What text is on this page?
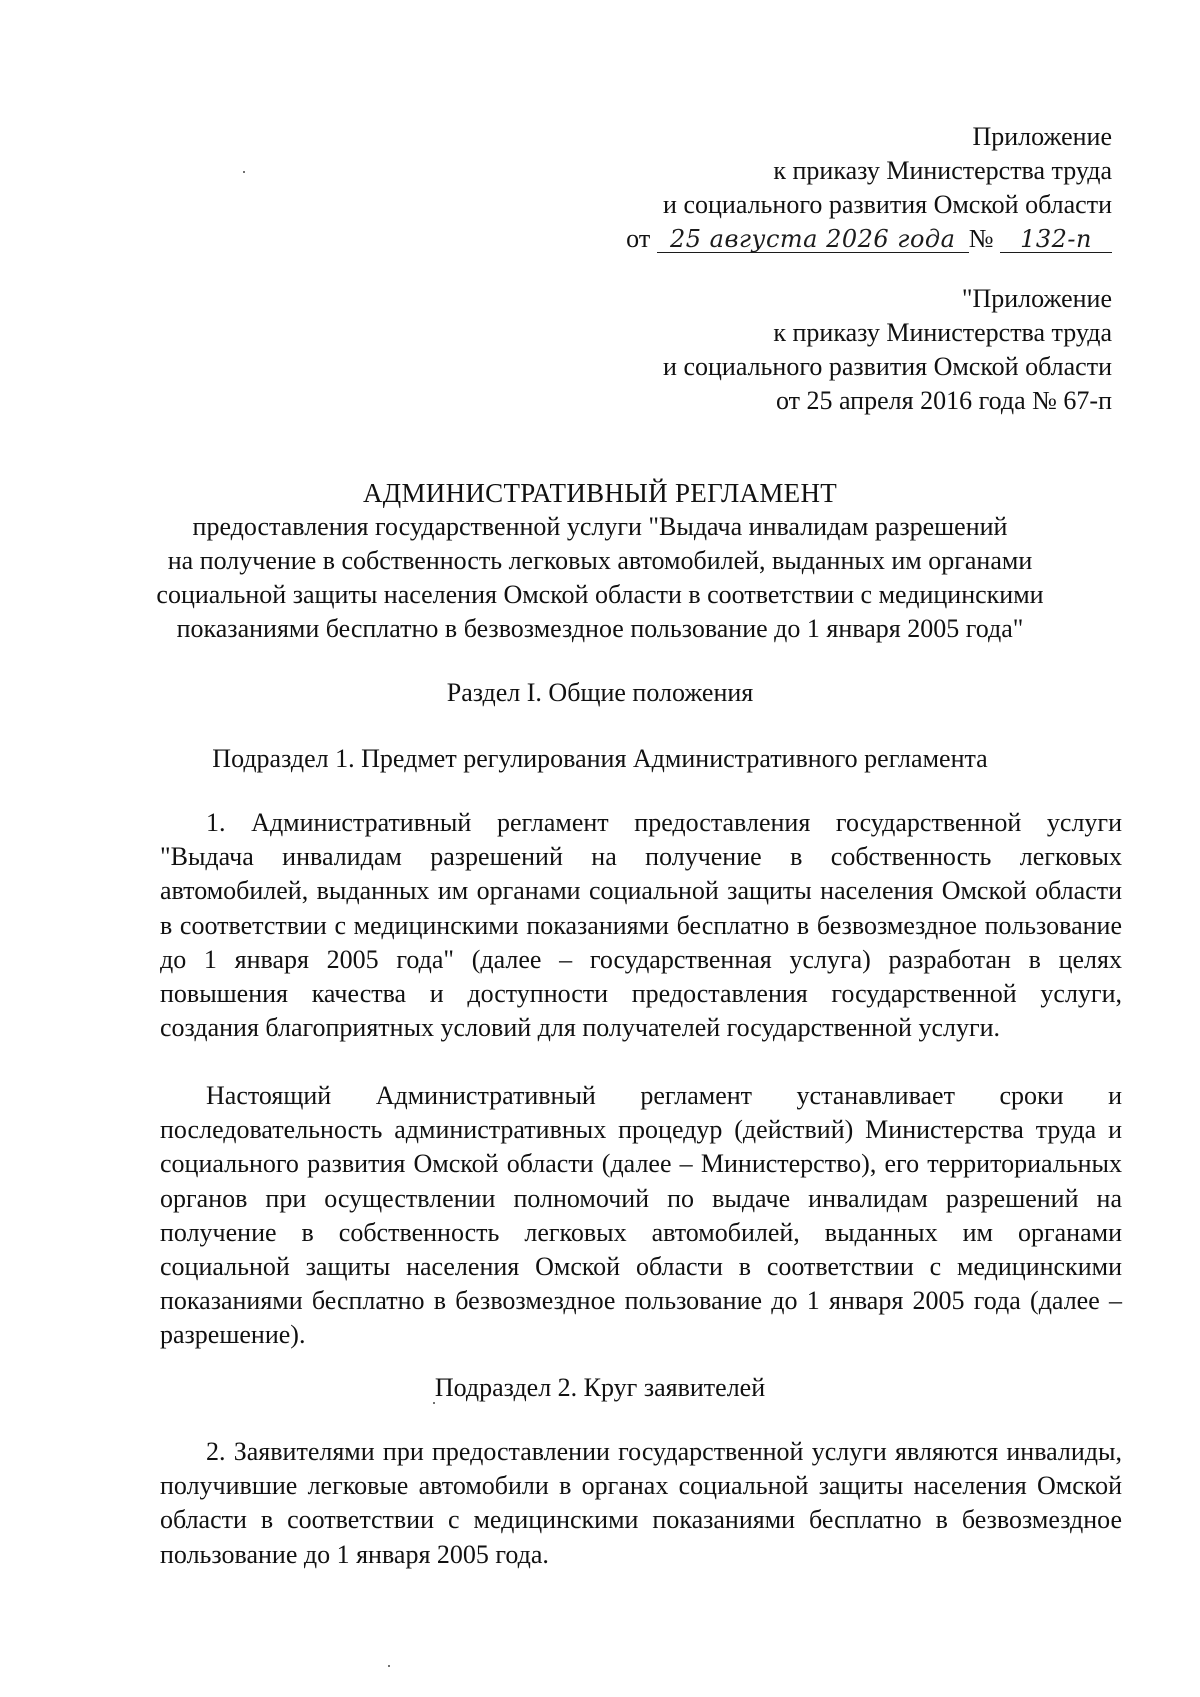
Приложение
к приказу Министерства труда
и социального развития Омской области
от 25 августа 2026 года № 132-п
"Приложение
к приказу Министерства труда
и социального развития Омской области
от 25 апреля 2016 года № 67-п
АДМИНИСТРАТИВНЫЙ РЕГЛАМЕНТ
предоставления государственной услуги "Выдача инвалидам разрешений
на получение в собственность легковых автомобилей, выданных им органами
социальной защиты населения Омской области в соответствии с медицинскими
показаниями бесплатно в безвозмездное пользование до 1 января 2005 года"
Раздел I. Общие положения
Подраздел 1. Предмет регулирования Административного регламента

1. Административный регламент предоставления государственной услуги "Выдача инвалидам разрешений на получение в собственность легковых автомобилей, выданных им органами социальной защиты населения Омской области в соответствии с медицинскими показаниями бесплатно в безвозмездное пользование до 1 января 2005 года" (далее – государственная услуга) разработан в целях повышения качества и доступности предоставления государственной услуги, создания благоприятных условий для получателей государственной услуги.

Настоящий Административный регламент устанавливает сроки и последовательность административных процедур (действий) Министерства труда и социального развития Омской области (далее – Министерство), его территориальных органов при осуществлении полномочий по выдаче инвалидам разрешений на получение в собственность легковых автомобилей, выданных им органами социальной защиты населения Омской области в соответствии с медицинскими показаниями бесплатно в безвозмездное пользование до 1 января 2005 года (далее – разрешение).

Подраздел 2. Круг заявителей

2. Заявителями при предоставлении государственной услуги являются инвалиды, получившие легковые автомобили в органах социальной защиты населения Омской области в соответствии с медицинскими показаниями бесплатно в безвозмездное пользование до 1 января 2005 года.
